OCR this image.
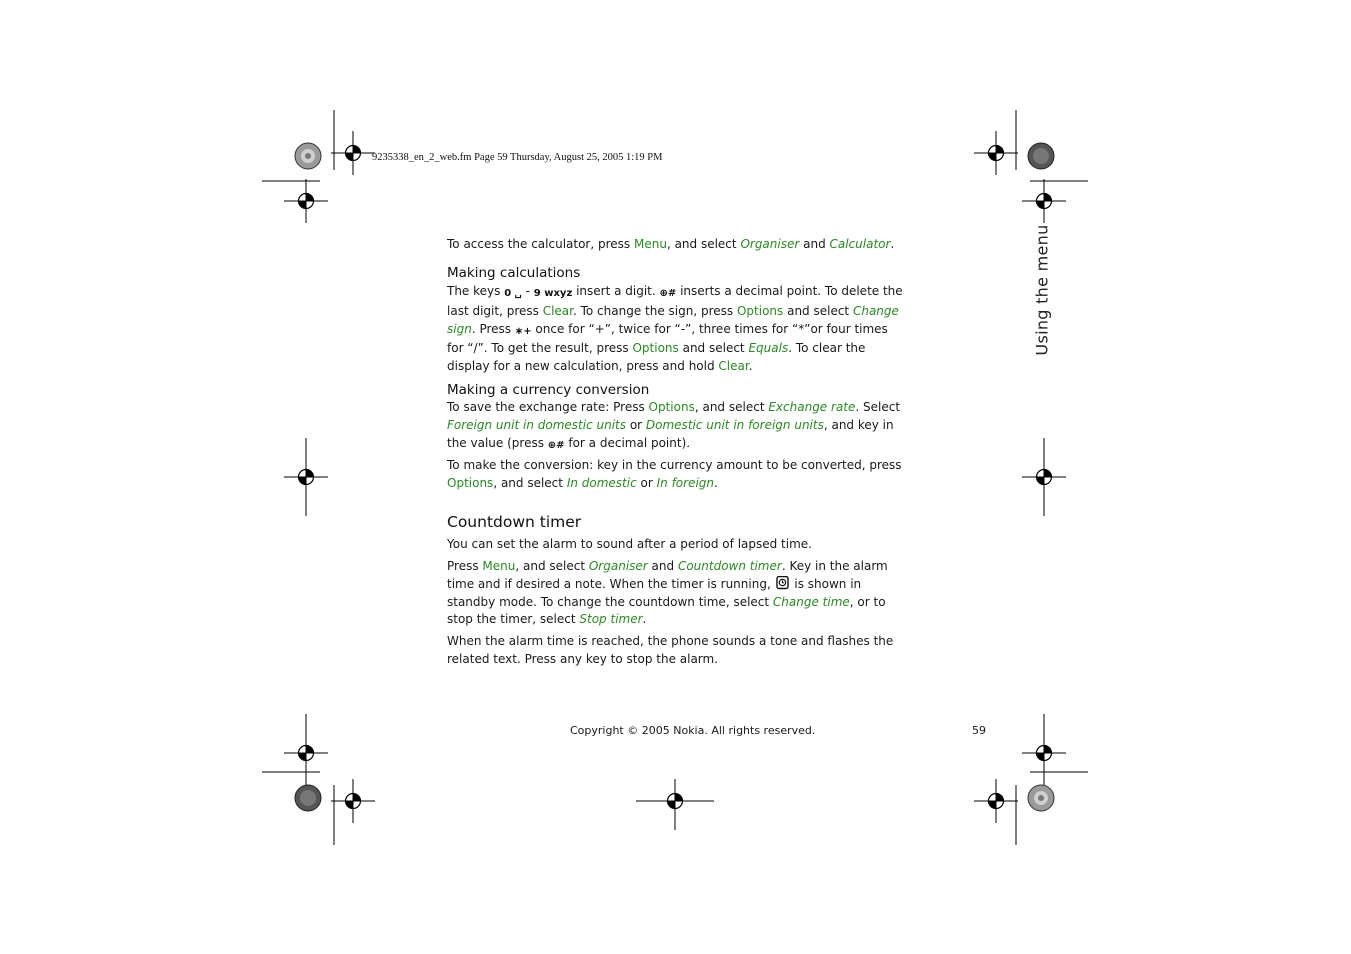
9235338_en_2_web.fm Page 59 Thursday, August 25, 2005 1:19 PM
Using the menu

To access the calculator, press Menu, and select Organiser and Calculator.

Making calculations

The keys 0 ␣ - 9 wxyz insert a digit. ⊕# inserts a decimal point. To delete the last digit, press Clear. To change the sign, press Options and select Change sign. Press ∗+ once for “+”, twice for “-”, three times for “*”or four times for “/”. To get the result, press Options and select Equals. To clear the display for a new calculation, press and hold Clear.

Making a currency conversion

To save the exchange rate: Press Options, and select Exchange rate. Select Foreign unit in domestic units or Domestic unit in foreign units, and key in the value (press ⊕# for a decimal point).

To make the conversion: key in the currency amount to be converted, press Options, and select In domestic or In foreign.

Countdown timer
You can set the alarm to sound after a period of lapsed time.

Press Menu, and select Organiser and Countdown timer. Key in the alarm time and if desired a note. When the timer is running,  is shown in standby mode. To change the countdown time, select Change time, or to stop the timer, select Stop timer.

When the alarm time is reached, the phone sounds a tone and flashes the related text. Press any key to stop the alarm.
Copyright © 2005 Nokia. All rights reserved.	59
